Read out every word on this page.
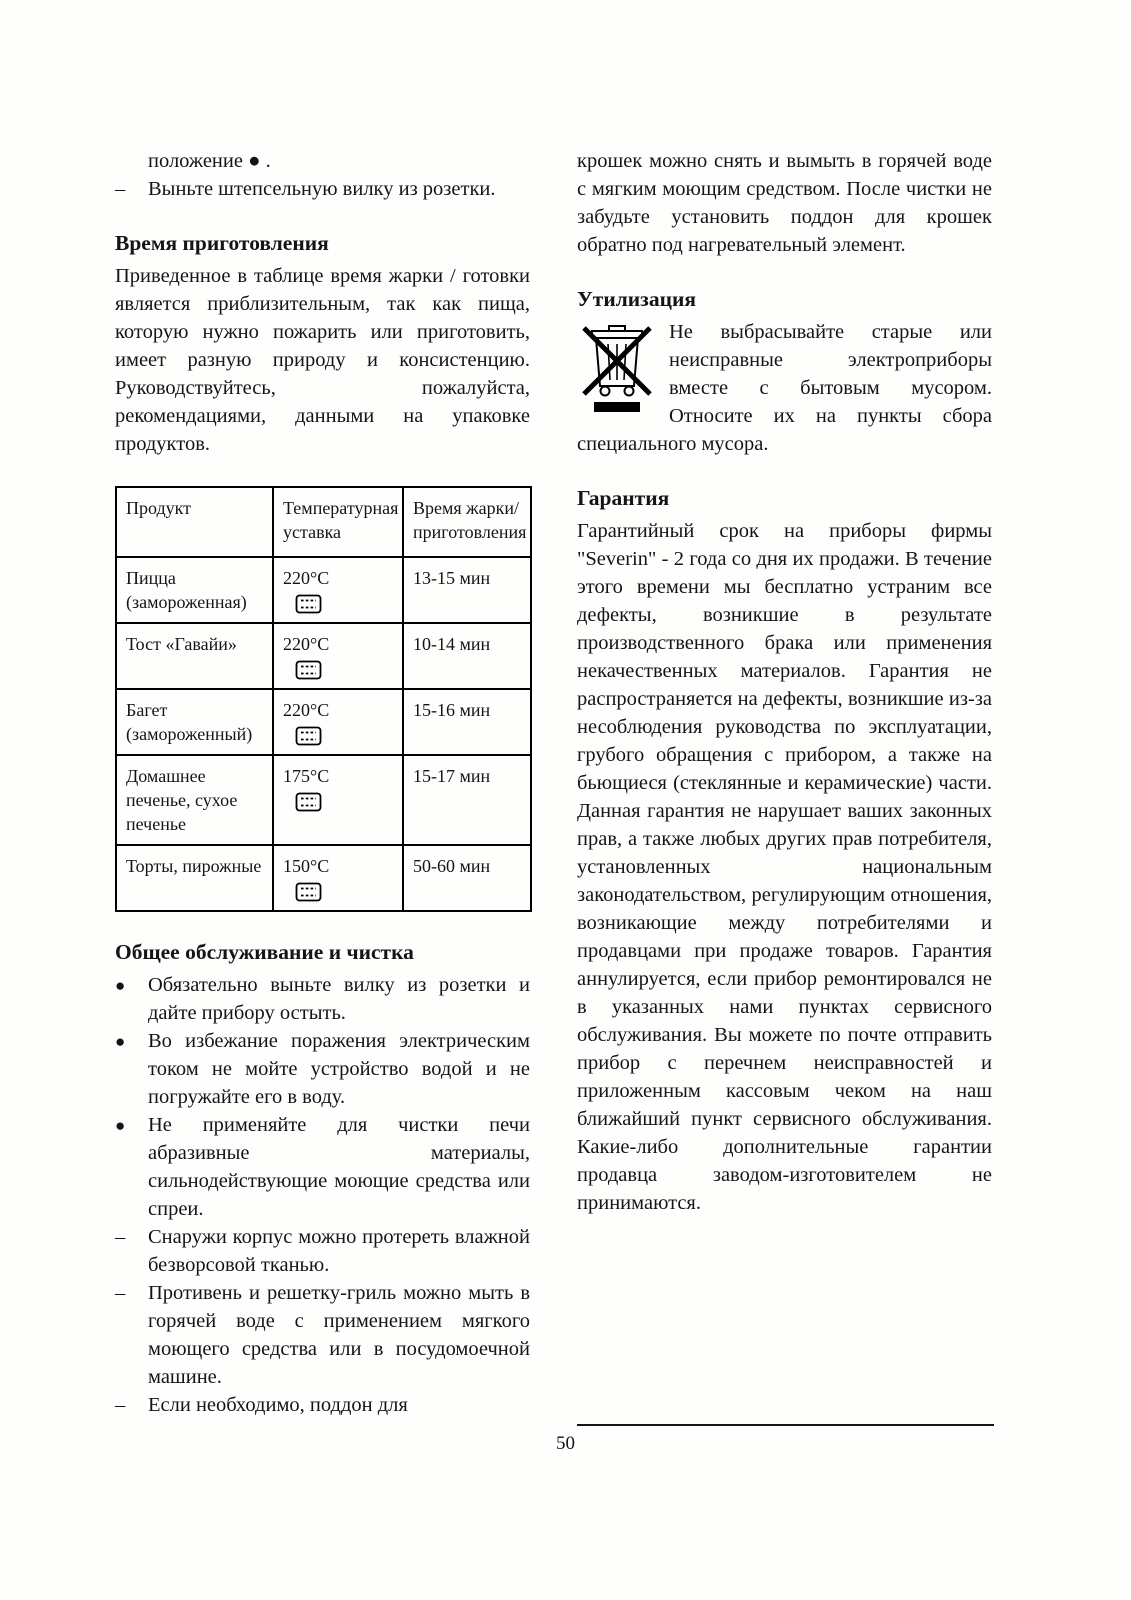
положение ● .
–	Выньте штепсельную вилку из розетки.
Время приготовления

Приведенное в таблице время жарки / готовки является приблизительным, так как пища, которую нужно пожарить или приготовить, имеет разную природу и консистенцию. Руководствуйтесь, пожалуйста, рекомендациями, данными на упаковке продуктов.

Продукт	Температурная уставка	Время жарки/ приготовления
Пицца (замороженная)	220°C	13-15 мин
Тост «Гавайи»	220°C	10-14 мин
Багет (замороженный)	220°C	15-16 мин
Домашнее печенье, сухое печенье	175°C	15-17 мин
Торты, пирожные	150°C	50-60 мин
Общее обслуживание и чистка
●	Обязательно выньте вилку из розетки и дайте прибору остыть.
●	Во избежание поражения электрическим током не мойте устройство водой и не погружайте его в воду.
●	Не применяйте для чистки печи абразивные материалы, сильнодействующие моющие средства или спреи.
–	Снаружи корпус можно протереть влажной безворсовой тканью.
–	Противень и решетку-гриль можно мыть в горячей воде с применением мягкого моющего средства или в посудомоечной машине.
–	Если необходимо, поддон для

крошек можно снять и вымыть в горячей воде с мягким моющим средством. После чистки не забудьте установить поддон для крошек обратно под нагревательный элемент.

Утилизация

Не выбрасывайте старые или неисправные электроприборы вместе с бытовым мусором. Относите их на пункты сбора специального мусора.

Гарантия

Гарантийный срок на приборы фирмы "Severin" - 2 года со дня их продажи. В течение этого времени мы бесплатно устраним все дефекты, возникшие в результате производственного брака или применения некачественных материалов. Гарантия не распространяется на дефекты, возникшие из-за несоблюдения руководства по эксплуатации, грубого обращения с прибором, а также на бьющиеся (стеклянные и керамические) части. Данная гарантия не нарушает ваших законных прав, а также любых других прав потребителя, установленных национальным законодательством, регулирующим отношения, возникающие между потребителями и продавцами при продаже товаров. Гарантия аннулируется, если прибор ремонтировался не в указанных нами пунктах сервисного обслуживания. Вы можете по почте отправить прибор с перечнем неисправностей и приложенным кассовым чеком на наш ближайший пункт сервисного обслуживания. Какие-либо дополнительные гарантии продавца заводом-изготовителем не принимаются.

50
